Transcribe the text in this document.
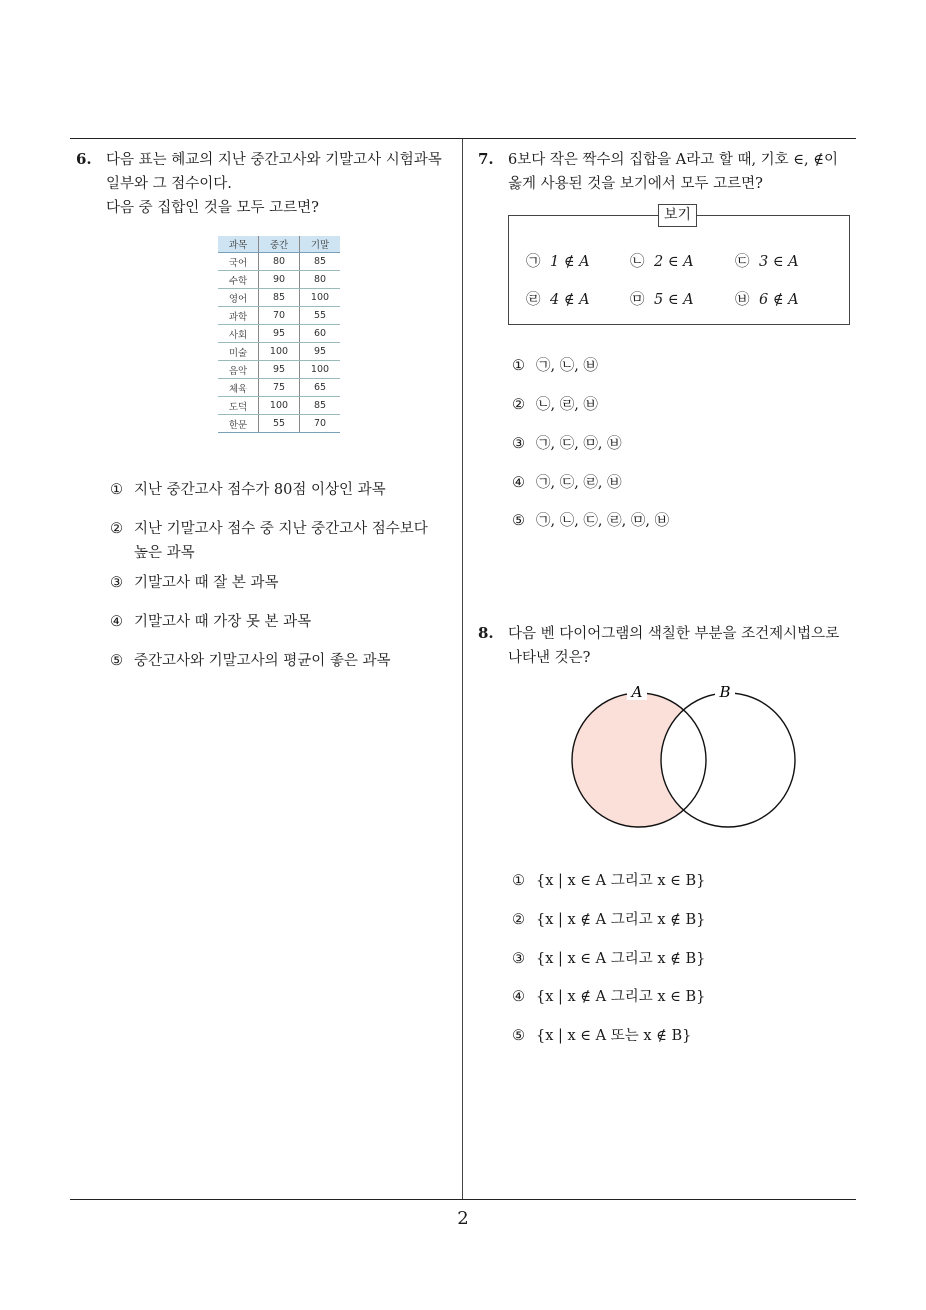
2
6. 다음 표는 혜교의 지난 중간고사와 기말고사 시험과목
일부와 그 점수이다.
다음 중 집합인 것을 모두 고르면?
과목	중간	기말
국어	80	85
수학	90	80
영어	85	100
과학	70	55
사회	95	60
미술	100	95
음악	95	100
체육	75	65
도덕	100	85
한문	55	70
① 지난 중간고사 점수가 80점 이상인 과목
② 지난 기말고사 점수 중 지난 중간고사 점수보다
높은 과목
③ 기말고사 때 잘 본 과목
④ 기말고사 때 가장 못 본 과목
⑤ 중간고사와 기말고사의 평균이 좋은 과목
7. 6보다 작은 짝수의 집합을 A라고 할 때, 기호 ∈, ∉이
옳게 사용된 것을 보기에서 모두 고르면?
보기
㉠ 1 ∉ A	㉡ 2 ∈ A	㉢ 3 ∈ A
㉣ 4 ∉ A	㉤ 5 ∈ A	㉥ 6 ∉ A
① ㉠, ㉡, ㉥
② ㉡, ㉣, ㉥
③ ㉠, ㉢, ㉤, ㉥
④ ㉠, ㉢, ㉣, ㉥
⑤ ㉠, ㉡, ㉢, ㉣, ㉤, ㉥
8. 다음 벤 다이어그램의 색칠한 부분을 조건제시법으로
나타낸 것은?
A	B
① {x | x ∈ A 그리고 x ∈ B}
② {x | x ∉ A 그리고 x ∉ B}
③ {x | x ∈ A 그리고 x ∉ B}
④ {x | x ∉ A 그리고 x ∈ B}
⑤ {x | x ∈ A 또는 x ∉ B}
